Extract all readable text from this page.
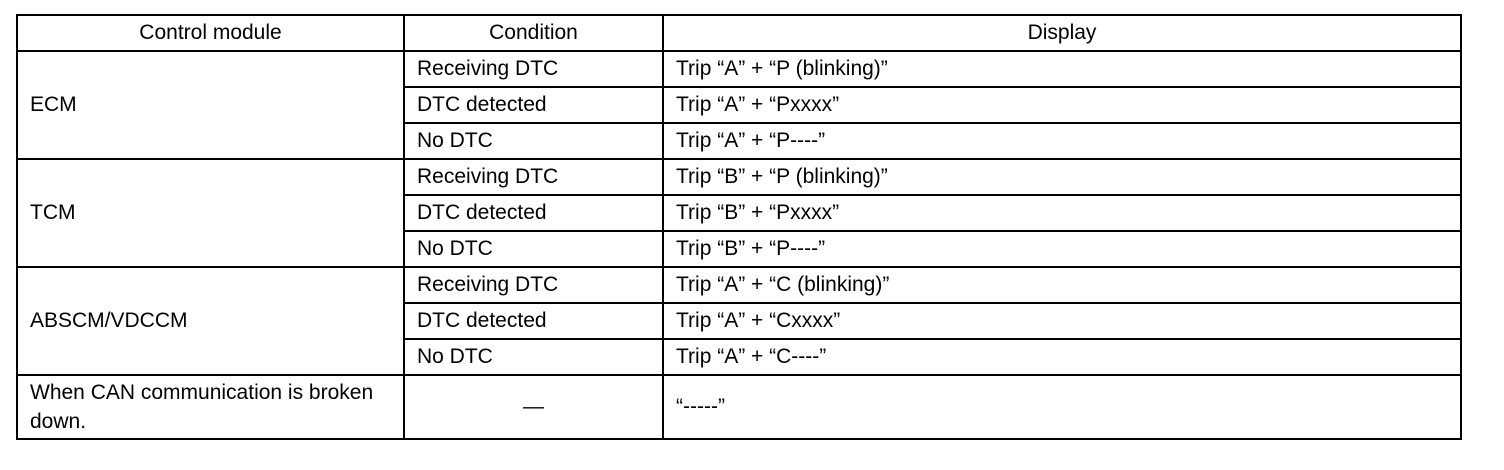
Control module	Condition	Display
ECM	Receiving DTC	Trip “A” + “P (blinking)”
	DTC detected	Trip “A” + “Pxxxx”
	No DTC	Trip “A” + “P----”
TCM	Receiving DTC	Trip “B” + “P (blinking)”
	DTC detected	Trip “B” + “Pxxxx”
	No DTC	Trip “B” + “P----”
ABSCM/VDCCM	Receiving DTC	Trip “A” + “C (blinking)”
	DTC detected	Trip “A” + “Cxxxx”
	No DTC	Trip “A” + “C----”
When CAN communication is broken down.	—	“-----”
